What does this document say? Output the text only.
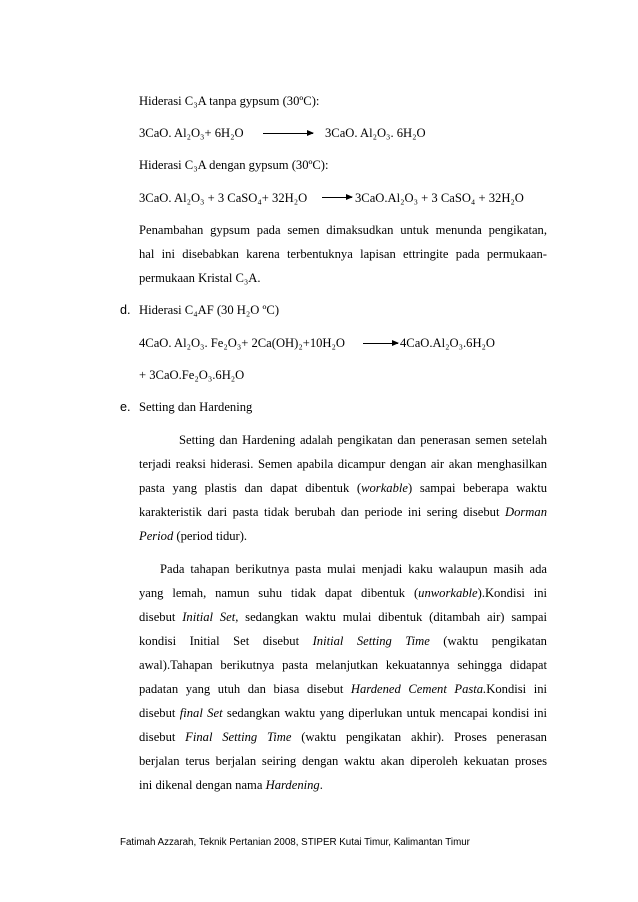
Hiderasi C₃A tanpa gypsum (30ºC):
3CaO. Al₂O₃+ 6H₂O → 3CaO. Al₂O₃. 6H₂O
Hiderasi C₃A dengan gypsum (30ºC):
3CaO. Al₂O₃ + 3 CaSO₄+ 32H₂O → 3CaO.Al₂O₃ + 3 CaSO₄ + 32H₂O
Penambahan gypsum pada semen dimaksudkan untuk menunda pengikatan,
hal ini disebabkan karena terbentuknya lapisan ettringite pada permukaan-
permukaan Kristal C₃A.
d. Hiderasi C₄AF (30 H₂O ºC)
4CaO. Al₂O₃. Fe₂O₃+ 2Ca(OH)₂+10H₂O → 4CaO.Al₂O₃.6H₂O
+ 3CaO.Fe₂O₃.6H₂O
e. Setting dan Hardening
Setting dan Hardening adalah pengikatan dan penerasan semen setelah
terjadi reaksi hiderasi. Semen apabila dicampur dengan air akan menghasilkan
pasta yang plastis dan dapat dibentuk (workable) sampai beberapa waktu
karakteristik dari pasta tidak berubah dan periode ini sering disebut Dorman
Period (period tidur).
Pada tahapan berikutnya pasta mulai menjadi kaku walaupun masih ada
yang lemah, namun suhu tidak dapat dibentuk (unworkable).Kondisi ini
disebut Initial Set, sedangkan waktu mulai dibentuk (ditambah air) sampai
kondisi Initial Set disebut Initial Setting Time (waktu pengikatan
awal).Tahapan berikutnya pasta melanjutkan kekuatannya sehingga didapat
padatan yang utuh dan biasa disebut Hardened Cement Pasta.Kondisi ini
disebut final Set sedangkan waktu yang diperlukan untuk mencapai kondisi ini
disebut Final Setting Time (waktu pengikatan akhir). Proses penerasan
berjalan terus berjalan seiring dengan waktu akan diperoleh kekuatan proses
ini dikenal dengan nama Hardening.
Fatimah Azzarah, Teknik Pertanian 2008, STIPER Kutai Timur, Kalimantan Timur
